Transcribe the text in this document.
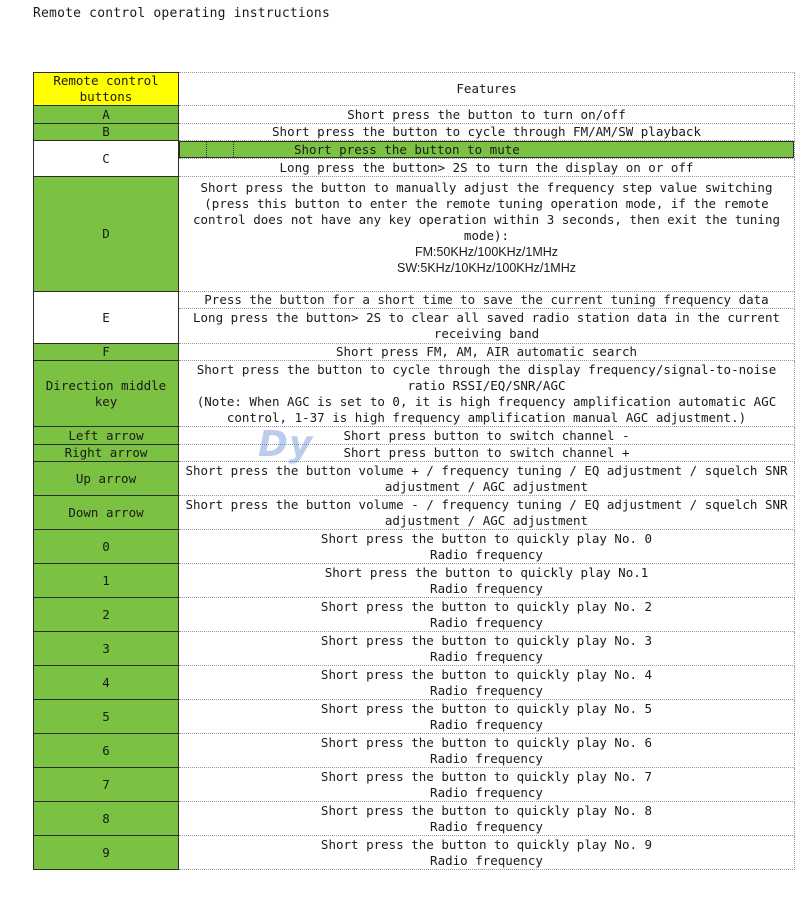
Remote control operating instructions
Remote control buttons	Features
A	Short press the button to turn on/off
B	Short press the button to cycle through FM/AM/SW playback
C	Short press the button to mute

	Long press the button> 2S to turn the display on or off
D	Short press the button to manually adjust the frequency step value switching (press this button to enter the remote tuning operation mode, if the remote control does not have any key operation within 3 seconds, then exit the tuning mode):
FM:50KHz/100KHz/1MHz
SW:5KHz/10KHz/100KHz/1MHz

E	Press the button for a short time to save the current tuning frequency data
	Long press the button> 2S to clear all saved radio station data in the current receiving band
F	Short press FM, AM, AIR automatic search
Direction middle key	Short press the button to cycle through the display frequency/signal-to-noise ratio RSSI/EQ/SNR/AGC
(Note: When AGC is set to 0, it is high frequency amplification automatic AGC control, 1-37 is high frequency amplification manual AGC adjustment.)

Left arrow	Short press button to switch channel -
Right arrow	Short press button to switch channel +
Up arrow	Short press the button volume + / frequency tuning / EQ adjustment / squelch SNR adjustment / AGC adjustment
Down arrow	Short press the button volume - / frequency tuning / EQ adjustment / squelch SNR adjustment / AGC adjustment
0	Short press the button to quickly play No. 0
Radio frequency

1	Short press the button to quickly play No.1
Radio frequency

2	Short press the button to quickly play No. 2
Radio frequency

3	Short press the button to quickly play No. 3
Radio frequency

4	Short press the button to quickly play No. 4
Radio frequency

5	Short press the button to quickly play No. 5
Radio frequency

6	Short press the button to quickly play No. 6
Radio frequency

7	Short press the button to quickly play No. 7
Radio frequency

8	Short press the button to quickly play No. 8
Radio frequency

9	Short press the button to quickly play No. 9
Radio frequency
Dy
